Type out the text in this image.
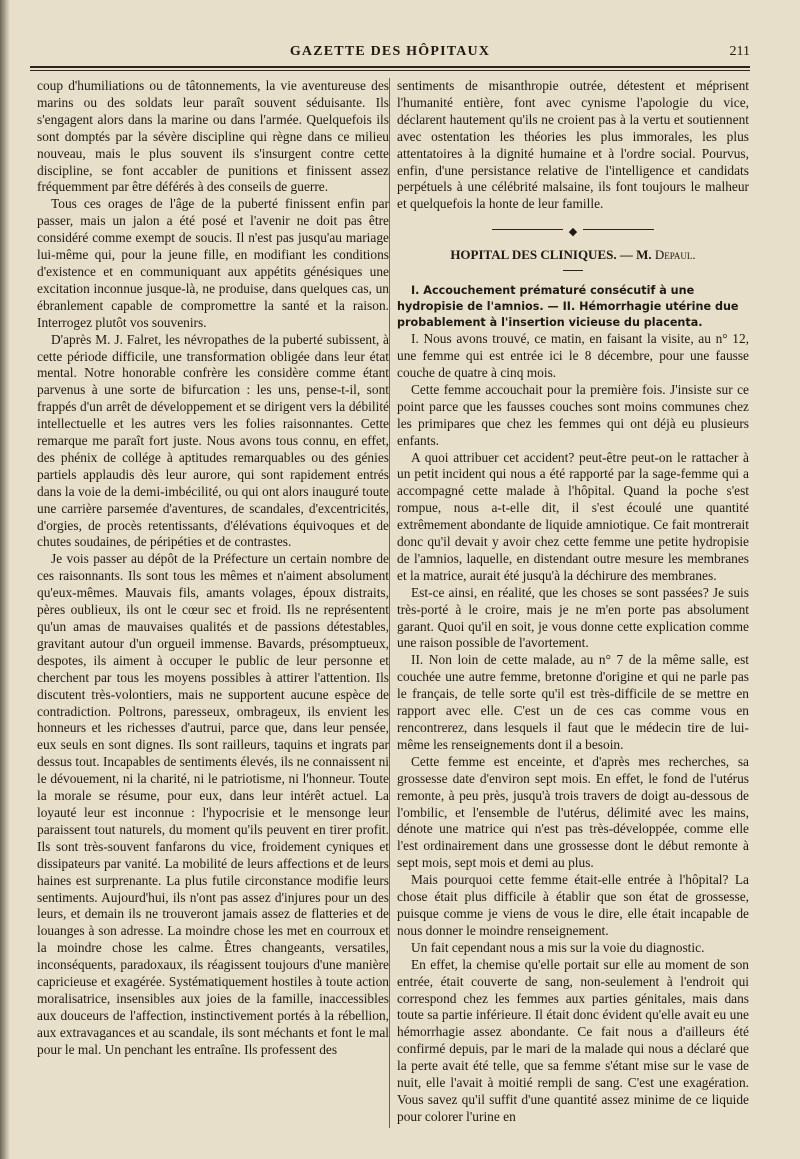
GAZETTE DES HÔPITAUX	211

coup d'humiliations ou de tâtonnements, la vie aventureuse des marins ou des soldats leur paraît souvent séduisante. Ils s'engagent alors dans la marine ou dans l'armée. Quelquefois ils sont domptés par la sévère discipline qui règne dans ce milieu nouveau, mais le plus souvent ils s'insurgent contre cette discipline, se font accabler de punitions et finissent assez fréquemment par être déférés à des conseils de guerre.

Tous ces orages de l'âge de la puberté finissent enfin par passer, mais un jalon a été posé et l'avenir ne doit pas être considéré comme exempt de soucis. Il n'est pas jusqu'au mariage lui-même qui, pour la jeune fille, en modifiant les conditions d'existence et en communiquant aux appétits génésiques une excitation inconnue jusque-là, ne produise, dans quelques cas, un ébranlement capable de compromettre la santé et la raison. Interrogez plutôt vos souvenirs.

D'après M. J. Falret, les névropathes de la puberté subissent, à cette période difficile, une transformation obligée dans leur état mental. Notre honorable confrère les considère comme étant parvenus à une sorte de bifurcation : les uns, pense-t-il, sont frappés d'un arrêt de développement et se dirigent vers la débilité intellectuelle et les autres vers les folies raisonnantes. Cette remarque me paraît fort juste. Nous avons tous connu, en effet, des phénix de collége à aptitudes remarquables ou des génies partiels applaudis dès leur aurore, qui sont rapidement entrés dans la voie de la demi-imbécilité, ou qui ont alors inauguré toute une carrière parsemée d'aventures, de scandales, d'excentricités, d'orgies, de procès retentissants, d'élévations équivoques et de chutes soudaines, de péripéties et de contrastes.

Je vois passer au dépôt de la Préfecture un certain nombre de ces raisonnants. Ils sont tous les mêmes et n'aiment absolument qu'eux-mêmes. Mauvais fils, amants volages, époux distraits, pères oublieux, ils ont le cœur sec et froid. Ils ne représentent qu'un amas de mauvaises qualités et de passions détestables, gravitant autour d'un orgueil immense. Bavards, présomptueux, despotes, ils aiment à occuper le public de leur personne et cherchent par tous les moyens possibles à attirer l'attention. Ils discutent très-volontiers, mais ne supportent aucune espèce de contradiction. Poltrons, paresseux, ombrageux, ils envient les honneurs et les richesses d'autrui, parce que, dans leur pensée, eux seuls en sont dignes. Ils sont railleurs, taquins et ingrats par dessus tout. Incapables de sentiments élevés, ils ne connaissent ni le dévouement, ni la charité, ni le patriotisme, ni l'honneur. Toute la morale se résume, pour eux, dans leur intérêt actuel. La loyauté leur est inconnue : l'hypocrisie et le mensonge leur paraissent tout naturels, du moment qu'ils peuvent en tirer profit. Ils sont très-souvent fanfarons du vice, froidement cyniques et dissipateurs par vanité. La mobilité de leurs affections et de leurs haines est surprenante. La plus futile circonstance modifie leurs sentiments. Aujourd'hui, ils n'ont pas assez d'injures pour un des leurs, et demain ils ne trouveront jamais assez de flatteries et de louanges à son adresse. La moindre chose les met en courroux et la moindre chose les calme. Êtres changeants, versatiles, inconséquents, paradoxaux, ils réagissent toujours d'une manière capricieuse et exagérée. Systématiquement hostiles à toute action moralisatrice, insensibles aux joies de la famille, inaccessibles aux douceurs de l'affection, instinctivement portés à la rébellion, aux extravagances et au scandale, ils sont méchants et font le mal pour le mal. Un penchant les entraîne. Ils professent des

sentiments de misanthropie outrée, détestent et méprisent l'humanité entière, font avec cynisme l'apologie du vice, déclarent hautement qu'ils ne croient pas à la vertu et soutiennent avec ostentation les théories les plus immorales, les plus attentatoires à la dignité humaine et à l'ordre social. Pourvus, enfin, d'une persistance relative de l'intelligence et candidats perpétuels à une célébrité malsaine, ils font toujours le malheur et quelquefois la honte de leur famille.

◆
HOPITAL DES CLINIQUES. — M. Depaul.

I. Accouchement prématuré consécutif à une hydropisie de l'amnios. — II. Hémorrhagie utérine due probablement à l'insertion vicieuse du placenta.

I. Nous avons trouvé, ce matin, en faisant la visite, au n° 12, une femme qui est entrée ici le 8 décembre, pour une fausse couche de quatre à cinq mois.

Cette femme accouchait pour la première fois. J'insiste sur ce point parce que les fausses couches sont moins communes chez les primipares que chez les femmes qui ont déjà eu plusieurs enfants.

A quoi attribuer cet accident? peut-être peut-on le rattacher à un petit incident qui nous a été rapporté par la sage-femme qui a accompagné cette malade à l'hôpital. Quand la poche s'est rompue, nous a-t-elle dit, il s'est écoulé une quantité extrêmement abondante de liquide amniotique. Ce fait montrerait donc qu'il devait y avoir chez cette femme une petite hydropisie de l'amnios, laquelle, en distendant outre mesure les membranes et la matrice, aurait été jusqu'à la déchirure des membranes.

Est-ce ainsi, en réalité, que les choses se sont passées? Je suis très-porté à le croire, mais je ne m'en porte pas absolument garant. Quoi qu'il en soit, je vous donne cette explication comme une raison possible de l'avortement.

II. Non loin de cette malade, au n° 7 de la même salle, est couchée une autre femme, bretonne d'origine et qui ne parle pas le français, de telle sorte qu'il est très-difficile de se mettre en rapport avec elle. C'est un de ces cas comme vous en rencontrerez, dans lesquels il faut que le médecin tire de lui-même les renseignements dont il a besoin.

Cette femme est enceinte, et d'après mes recherches, sa grossesse date d'environ sept mois. En effet, le fond de l'utérus remonte, à peu près, jusqu'à trois travers de doigt au-dessous de l'ombilic, et l'ensemble de l'utérus, délimité avec les mains, dénote une matrice qui n'est pas très-développée, comme elle l'est ordinairement dans une grossesse dont le début remonte à sept mois, sept mois et demi au plus.

Mais pourquoi cette femme était-elle entrée à l'hôpital? La chose était plus difficile à établir que son état de grossesse, puisque comme je viens de vous le dire, elle était incapable de nous donner le moindre renseignement.

Un fait cependant nous a mis sur la voie du diagnostic.

En effet, la chemise qu'elle portait sur elle au moment de son entrée, était couverte de sang, non-seulement à l'endroit qui correspond chez les femmes aux parties génitales, mais dans toute sa partie inférieure. Il était donc évident qu'elle avait eu une hémorrhagie assez abondante. Ce fait nous a d'ailleurs été confirmé depuis, par le mari de la malade qui nous a déclaré que la perte avait été telle, que sa femme s'étant mise sur le vase de nuit, elle l'avait à moitié rempli de sang. C'est une exagération. Vous savez qu'il suffit d'une quantité assez minime de ce liquide pour colorer l'urine en
